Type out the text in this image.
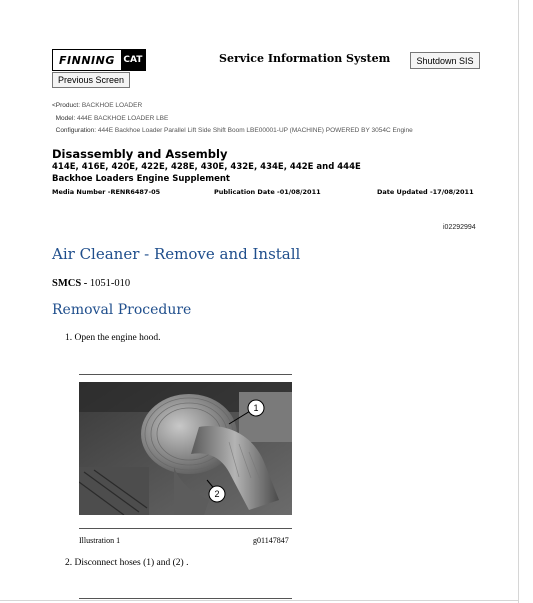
FINNING CAT	Service Information System	Shutdown SIS
Previous Screen
<Product: BACKHOE LOADER
Model: 444E BACKHOE LOADER LBE
Configuration: 444E Backhoe Loader Parallel Lift Side Shift Boom LBE00001-UP (MACHINE) POWERED BY 3054C Engine
Disassembly and Assembly
414E, 416E, 420E, 422E, 428E, 430E, 432E, 434E, 442E and 444E
Backhoe Loaders Engine Supplement
Media Number -RENR6487-05	Publication Date -01/08/2011	Date Updated -17/08/2011
i02292994
Air Cleaner - Remove and Install
SMCS - 1051-010
Removal Procedure
1. Open the engine hood.
1
2
Illustration 1	g01147847
2. Disconnect hoses (1) and (2) .
